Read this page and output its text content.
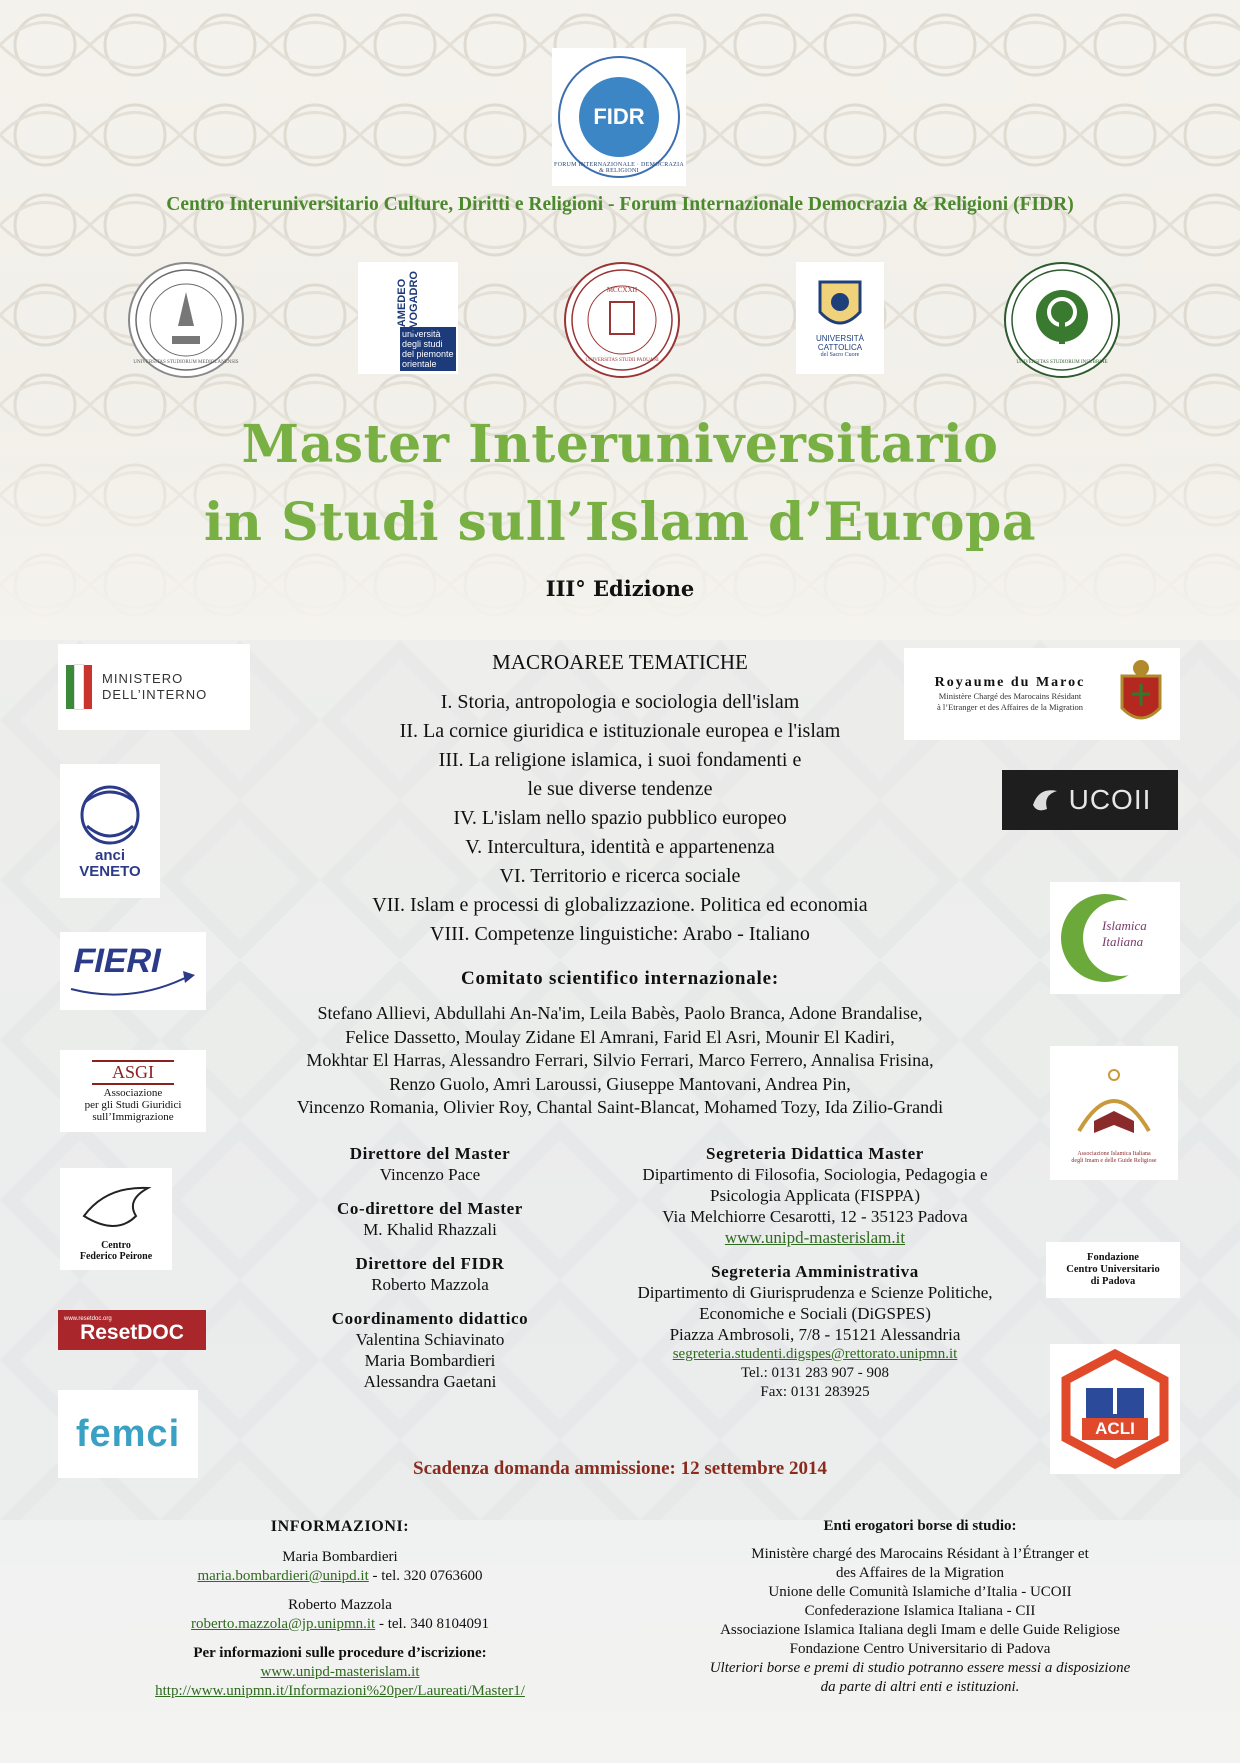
FIDR
FORUM INTERNAZIONALE · DEMOCRAZIA & RELIGIONI
Centro Interuniversitario Culture, Diritti e Religioni - Forum Internazionale Democrazia & Religioni (FIDR)
UNIVERSITAS STUDIORUM MEDIOLANENSIS
AMEDEO AVOGADRO
università degli studi del piemonte orientale
MCCXXII
UNIVERSITAS STUDII PADUANI
UNIVERSITÀ CATTOLICA
del Sacro Cuore
UNIVERSITAS STUDIORUM INSUBRIAE
Master Interuniversitario
in Studi sull’Islam d’Europa
III° Edizione
MACROAREE TEMATICHE
I. Storia, antropologia e sociologia dell'islam
II. La cornice giuridica e istituzionale europea e l'islam
III. La religione islamica, i suoi fondamenti e
le sue diverse tendenze
IV. L'islam nello spazio pubblico europeo
V. Intercultura, identità e appartenenza
VI. Territorio e ricerca sociale
VII. Islam e processi di globalizzazione. Politica ed economia
VIII. Competenze linguistiche: Arabo - Italiano
Comitato scientifico internazionale:
Stefano Allievi, Abdullahi An-Na'im, Leila Babès, Paolo Branca, Adone Brandalise,
Felice Dassetto, Moulay Zidane El Amrani, Farid El Asri, Mounir El Kadiri,
Mokhtar El Harras, Alessandro Ferrari, Silvio Ferrari, Marco Ferrero, Annalisa Frisina,
Renzo Guolo, Amri Laroussi, Giuseppe Mantovani, Andrea Pin,
Vincenzo Romania, Olivier Roy, Chantal Saint-Blancat, Mohamed Tozy, Ida Zilio-Grandi
Direttore del Master
Vincenzo Pace
Co-direttore del Master
M. Khalid Rhazzali
Direttore del FIDR
Roberto Mazzola
Coordinamento didattico
Valentina Schiavinato
Maria Bombardieri
Alessandra Gaetani
Segreteria Didattica Master
Dipartimento di Filosofia, Sociologia, Pedagogia e
Psicologia Applicata (FISPPA)
Via Melchiorre Cesarotti, 12 - 35123 Padova
www.unipd-masterislam.it
Segreteria Amministrativa
Dipartimento di Giurisprudenza e Scienze Politiche,
Economiche e Sociali (DiGSPES)
Piazza Ambrosoli, 7/8 - 15121 Alessandria
segreteria.studenti.digspes@rettorato.unipmn.it
Tel.: 0131 283 907 - 908
Fax: 0131 283925
Scadenza domanda ammissione: 12 settembre 2014
INFORMAZIONI:
Maria Bombardieri
maria.bombardieri@unipd.it - tel. 320 0763600
Roberto Mazzola
roberto.mazzola@jp.unipmn.it - tel. 340 8104091
Per informazioni sulle procedure d’iscrizione:
www.unipd-masterislam.it
http://www.unipmn.it/Informazioni%20per/Laureati/Master1/
Enti erogatori borse di studio:
Ministère chargé des Marocains Résidant à l’Étranger et
des Affaires de la Migration
Unione delle Comunità Islamiche d’Italia - UCOII
Confederazione Islamica Italiana - CII
Associazione Islamica Italiana degli Imam e delle Guide Religiose
Fondazione Centro Universitario di Padova
Ulteriori borse e premi di studio potranno essere messi a disposizione
da parte di altri enti e istituzioni.
MINISTERO
DELL’INTERNO
anci
VENETO
FIERI
ASGI
Associazione
per gli Studi Giuridici
sull’Immigrazione
Centro
Federico Peirone
www.resetdoc.org
ResetDOC
femci
Royaume du Maroc
Ministère Chargé des Marocains Résidant
à l’Etranger et des Affaires de la Migration
UCOII
Islamica
Italiana
Associazione Islamica Italiana
degli Imam e delle Guide Religiose
Fondazione
Centro Universitario
di Padova
ACLI
